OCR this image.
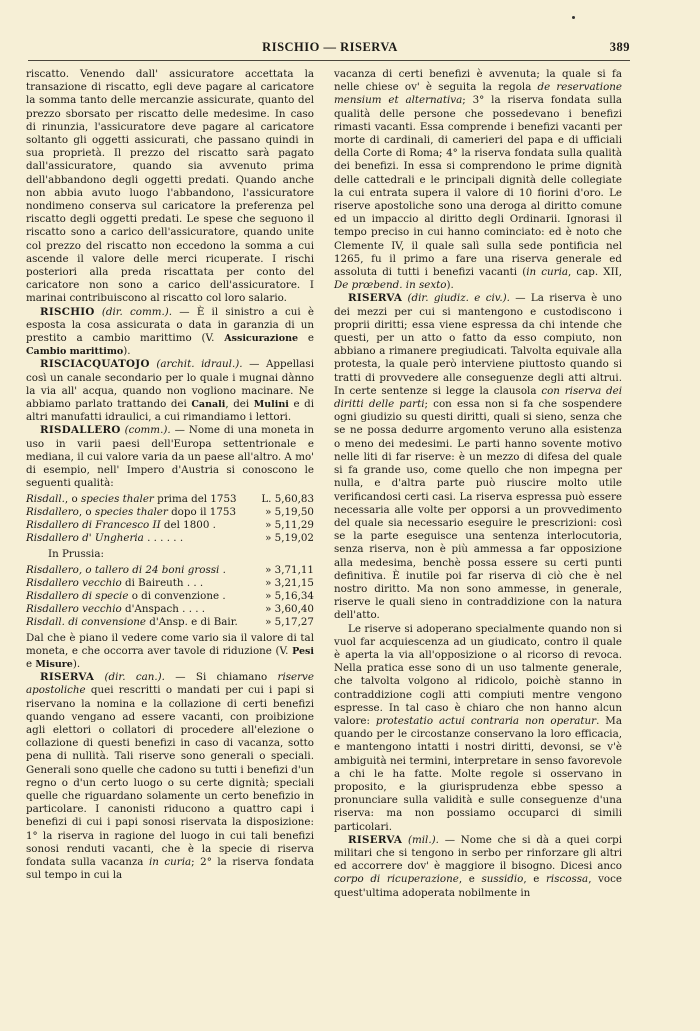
RISCHIO — RISERVA	389

riscatto. Venendo dall' assicuratore accettata la transazione di riscatto, egli deve pagare al caricatore la somma tanto delle mercanzie assicurate, quanto del prezzo sborsato per riscatto delle medesime. In caso di rinunzia, l'assicuratore deve pagare al caricatore soltanto gli oggetti assicurati, che passano quindi in sua proprietà. Il prezzo del riscatto sarà pagato dall'assicuratore, quando sia avvenuto prima dell'abbandono degli oggetti predati. Quando anche non abbia avuto luogo l'abbandono, l'assicuratore nondimeno conserva sul caricatore la preferenza pel riscatto degli oggetti predati. Le spese che seguono il riscatto sono a carico dell'assicuratore, quando unite col prezzo del riscatto non eccedono la somma a cui ascende il valore delle merci ricuperate. I rischi posteriori alla preda riscattata per conto del caricatore non sono a carico dell'assicuratore. I marinai contribuiscono al riscatto col loro salario.

RISCHIO (dir. comm.). — È il sinistro a cui è esposta la cosa assicurata o data in garanzia di un prestito a cambio marittimo (V. Assicurazione e Cambio marittimo).

RISCIACQUATOJO (archit. idraul.). — Appellasi così un canale secondario per lo quale i mugnai dànno la via all' acqua, quando non vogliono macinare. Ne abbiamo parlato trattando dei Canali, dei Mulini e di altri manufatti idraulici, a cui rimandiamo i lettori.

RISDALLERO (comm.). — Nome di una moneta in uso in varii paesi dell'Europa settentrionale e mediana, il cui valore varia da un paese all'altro. A mo' di esempio, nell' Impero d'Austria si conoscono le seguenti qualità:

Risdall., o species thaler prima del 1753	L. 5,60,83
Risdallero, o species thaler dopo il 1753	» 5,19,50
Risdallero di Francesco II del 1800 .	» 5,11,29
Risdallero d' Ungheria . . . . . .	» 5,19,02
In Prussia:
Risdallero, o tallero di 24 boni grossi .	» 3,71,11
Risdallero vecchio di Baireuth . . .	» 3,21,15
Risdallero di specie o di convenzione .	» 5,16,34
Risdallero vecchio d'Anspach . . . .	» 3,60,40
Risdall. di convensione d'Ansp. e di Bair.	» 5,17,27

Dal che è piano il vedere come vario sia il valore di tal moneta, e che occorra aver tavole di riduzione (V. Pesi e Misure).

RISERVA (dir. can.). — Si chiamano riserve apostoliche quei rescritti o mandati per cui i papi si riservano la nomina e la collazione di certi benefizi quando vengano ad essere vacanti, con proibizione agli elettori o collatori di procedere all'elezione o collazione di questi benefizi in caso di vacanza, sotto pena di nullità. Tali riserve sono generali o speciali. Generali sono quelle che cadono su tutti i benefizi d'un regno o d'un certo luogo o su certe dignità; speciali quelle che riguardano solamente un certo benefizio in particolare. I canonisti riducono a quattro capi i benefizi di cui i papi sonosi riservata la disposizione: 1° la riserva in ragione del luogo in cui tali benefizi sonosi renduti vacanti, che è la specie di riserva fondata sulla vacanza in curia; 2° la riserva fondata sul tempo in cui la

vacanza di certi benefizi è avvenuta; la quale si fa nelle chiese ov' è seguita la regola de reservatione mensium et alternativa; 3° la riserva fondata sulla qualità delle persone che possedevano i benefizi rimasti vacanti. Essa comprende i benefizi vacanti per morte di cardinali, di camerieri del papa e di ufficiali della Corte di Roma; 4° la riserva fondata sulla qualità dei benefizi. In essa si comprendono le prime dignità delle cattedrali e le principali dignità delle collegiate la cui entrata supera il valore di 10 fiorini d'oro. Le riserve apostoliche sono una deroga al diritto comune ed un impaccio al diritto degli Ordinarii. Ignorasi il tempo preciso in cui hanno cominciato: ed è noto che Clemente IV, il quale salì sulla sede pontificia nel 1265, fu il primo a fare una riserva generale ed assoluta di tutti i benefizi vacanti (in curia, cap. XII, De prœbend. in sexto).

RISERVA (dir. giudiz. e civ.). — La riserva è uno dei mezzi per cui si mantengono e custodiscono i proprii diritti; essa viene espressa da chi intende che questi, per un atto o fatto da esso compiuto, non abbiano a rimanere pregiudicati. Talvolta equivale alla protesta, la quale però interviene piuttosto quando si tratti di provvedere alle conseguenze degli atti altrui. In certe sentenze si legge la clausola con riserva dei diritti delle parti; con essa non si fa che sospendere ogni giudizio su questi diritti, quali si sieno, senza che se ne possa dedurre argomento veruno alla esistenza o meno dei medesimi. Le parti hanno sovente motivo nelle liti di far riserve: è un mezzo di difesa del quale si fa grande uso, come quello che non impegna per nulla, e d'altra parte può riuscire molto utile verificandosi certi casi. La riserva espressa può essere necessaria alle volte per opporsi a un provvedimento del quale sia necessario eseguire le prescrizioni: così se la parte eseguisce una sentenza interlocutoria, senza riserva, non è più ammessa a far opposizione alla medesima, benchè possa essere su certi punti definitiva. È inutile poi far riserva di ciò che è nel nostro diritto. Ma non sono ammesse, in generale, riserve le quali sieno in contraddizione con la natura dell'atto.

Le riserve si adoperano specialmente quando non si vuol far acquiescenza ad un giudicato, contro il quale è aperta la via all'opposizione o al ricorso di revoca. Nella pratica esse sono di un uso talmente generale, che talvolta volgono al ridicolo, poichè stanno in contraddizione cogli atti compiuti mentre vengono espresse. In tal caso è chiaro che non hanno alcun valore: protestatio actui contraria non operatur. Ma quando per le circostanze conservano la loro efficacia, e mantengono intatti i nostri diritti, devonsi, se v'è ambiguità nei termini, interpretare in senso favorevole a chi le ha fatte. Molte regole si osservano in proposito, e la giurisprudenza ebbe spesso a pronunciare sulla validità e sulle conseguenze d'una riserva: ma non possiamo occuparci di simili particolari.

RISERVA (mil.). — Nome che si dà a quei corpi militari che si tengono in serbo per rinforzare gli altri ed accorrere dov' è maggiore il bisogno. Dicesi anco corpo di ricuperazione, e sussidio, e riscossa, voce quest'ultima adoperata nobilmente in
